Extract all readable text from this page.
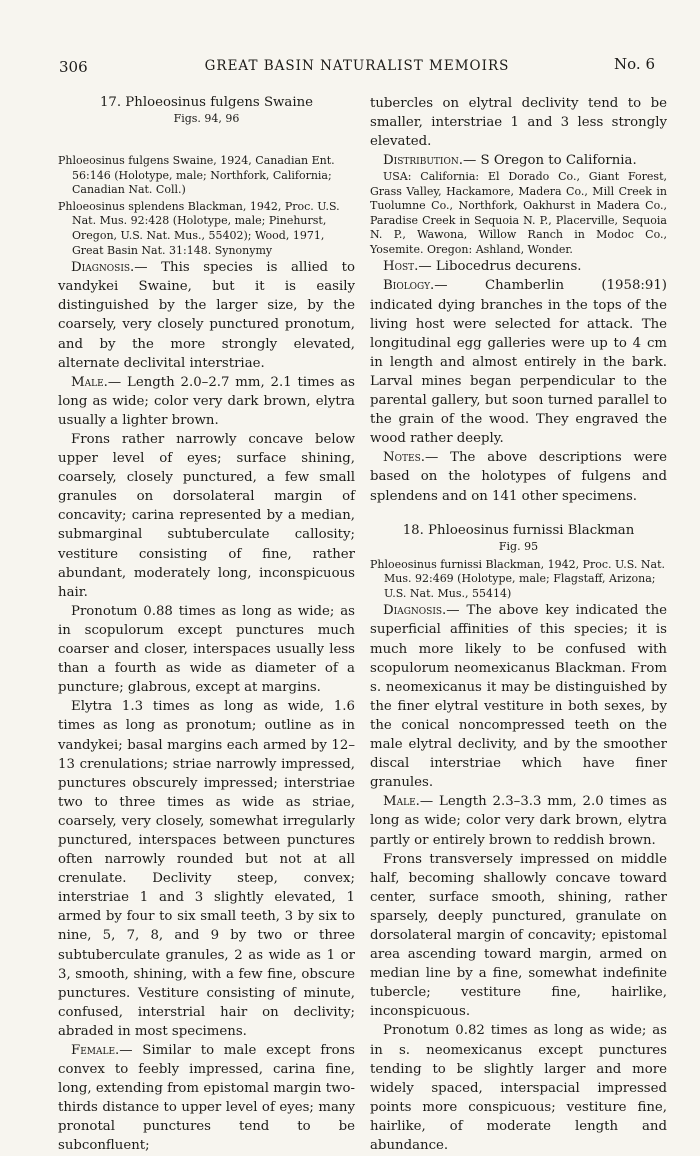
306	GREAT BASIN NATURALIST MEMOIRS	No. 6

17. Phloeosinus fulgens Swaine

Figs. 94, 96

Phloeosinus fulgens Swaine, 1924, Canadian Ent. 56:146 (Holotype, male; Northfork, California; Canadian Nat. Coll.)

Phloeosinus splendens Blackman, 1942, Proc. U.S. Nat. Mus. 92:428 (Holotype, male; Pinehurst, Oregon, U.S. Nat. Mus., 55402); Wood, 1971, Great Basin Nat. 31:148. Synonymy

Diagnosis.— This species is allied to vandykei Swaine, but it is easily distinguished by the larger size, by the coarsely, very closely punctured pronotum, and by the more strongly elevated, alternate declivital interstriae.

Male.— Length 2.0–2.7 mm, 2.1 times as long as wide; color very dark brown, elytra usually a lighter brown.

Frons rather narrowly concave below upper level of eyes; surface shining, coarsely, closely punctured, a few small granules on dorsolateral margin of concavity; carina represented by a median, submarginal subtuberculate callosity; vestiture consisting of fine, rather abundant, moderately long, inconspicuous hair.

Pronotum 0.88 times as long as wide; as in scopulorum except punctures much coarser and closer, interspaces usually less than a fourth as wide as diameter of a puncture; glabrous, except at margins.

Elytra 1.3 times as long as wide, 1.6 times as long as pronotum; outline as in vandykei; basal margins each armed by 12–13 crenulations; striae narrowly impressed, punctures obscurely impressed; interstriae two to three times as wide as striae, coarsely, very closely, somewhat irregularly punctured, interspaces between punctures often narrowly rounded but not at all crenulate. Declivity steep, convex; interstriae 1 and 3 slightly elevated, 1 armed by four to six small teeth, 3 by six to nine, 5, 7, 8, and 9 by two or three subtuberculate granules, 2 as wide as 1 or 3, smooth, shining, with a few fine, obscure punctures. Vestiture consisting of minute, confused, interstrial hair on declivity; abraded in most specimens.

Female.— Similar to male except frons convex to feebly impressed, carina fine, long, extending from epistomal margin two-thirds distance to upper level of eyes; many pronotal punctures tend to be subconfluent;

tubercles on elytral declivity tend to be smaller, interstriae 1 and 3 less strongly elevated.

Distribution.— S Oregon to California.

USA: California: El Dorado Co., Giant Forest, Grass Valley, Hackamore, Madera Co., Mill Creek in Tuolumne Co., Northfork, Oakhurst in Madera Co., Paradise Creek in Sequoia N. P., Placerville, Sequoia N. P., Wawona, Willow Ranch in Modoc Co., Yosemite. Oregon: Ashland, Wonder.

Host.— Libocedrus decurens.

Biology.—	Chamberlin (1958:91) indicated dying branches in the tops of the living host were selected for attack. The longitudinal egg galleries were up to 4 cm in length and almost entirely in the bark. Larval mines began perpendicular to the parental gallery, but soon turned parallel to the grain of the wood. They engraved the wood rather deeply.

Notes.— The above descriptions were based on the holotypes of fulgens and splendens and on 141 other specimens.

18. Phloeosinus furnissi Blackman

Fig. 95

Phloeosinus furnissi Blackman, 1942, Proc. U.S. Nat. Mus. 92:469 (Holotype, male; Flagstaff, Arizona; U.S. Nat. Mus., 55414)

Diagnosis.— The above key indicated the superficial affinities of this species; it is much more likely to be confused with scopulorum neomexicanus Blackman. From s. neomexicanus it may be distinguished by the finer elytral vestiture in both sexes, by the conical noncompressed teeth on the male elytral declivity, and by the smoother discal interstriae which have finer granules.

Male.— Length 2.3–3.3 mm, 2.0 times as long as wide; color very dark brown, elytra partly or entirely brown to reddish brown.

Frons transversely impressed on middle half, becoming shallowly concave toward center, surface smooth, shining, rather sparsely, deeply punctured, granulate on dorsolateral margin of concavity; epistomal area ascending toward margin, armed on median line by a fine, somewhat indefinite tubercle; vestiture fine, hairlike, inconspicuous.

Pronotum 0.82 times as long as wide; as in s. neomexicanus except punctures tending to be slightly larger and more widely spaced, interspacial impressed points more conspicuous; vestiture fine, hairlike, of moderate length and abundance.
